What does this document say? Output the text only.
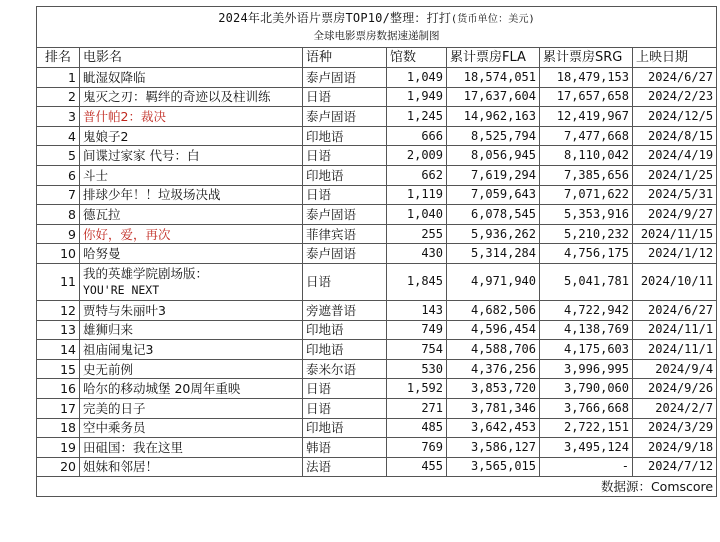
2024年北美外语片票房TOP10/整理：打打(货币单位：美元)
全球电影票房数据速递制图						

排名	电影名	语种	馆数	累计票房FLA	累计票房SRG	上映日期
1	眦湿奴降临	泰卢固语	1,049	18,574,051	18,479,153	2024/6/27
2	鬼灭之刃：羁绊的奇迹以及柱训练	日语	1,949	17,637,604	17,657,658	2024/2/23
3	普什帕2：裁决	泰卢固语	1,245	14,962,163	12,419,967	2024/12/5
4	鬼娘子2	印地语	666	8,525,794	7,477,668	2024/8/15
5	间谍过家家 代号：白	日语	2,009	8,056,945	8,110,042	2024/4/19
6	斗士	印地语	662	7,619,294	7,385,656	2024/1/25
7	排球少年！！垃圾场决战	日语	1,119	7,059,643	7,071,622	2024/5/31
8	德瓦拉	泰卢固语	1,040	6,078,545	5,353,916	2024/9/27
9	你好，爱，再次	菲律宾语	255	5,936,262	5,210,232	2024/11/15
10	哈努曼	泰卢固语	430	5,314,284	4,756,175	2024/1/12
11	我的英雄学院剧场版：
YOU'RE NEXT	日语	1,845	4,971,940	5,041,781	2024/10/11
12	贾特与朱丽叶3	旁遮普语	143	4,682,506	4,722,942	2024/6/27
13	雄狮归来	印地语	749	4,596,454	4,138,769	2024/11/1
14	祖庙闹鬼记3	印地语	754	4,588,706	4,175,603	2024/11/1
15	史无前例	泰米尔语	530	4,376,256	3,996,995	2024/9/4
16	哈尔的移动城堡 20周年重映	日语	1,592	3,853,720	3,790,060	2024/9/26
17	完美的日子	日语	271	3,781,346	3,766,668	2024/2/7
18	空中乘务员	印地语	485	3,642,453	2,722,151	2024/3/29
19	田砠国：我在这里	韩语	769	3,586,127	3,495,124	2024/9/18
20	姐妹和邻居！	法语	455	3,565,015	-	2024/7/12
数据源：Comscore						
